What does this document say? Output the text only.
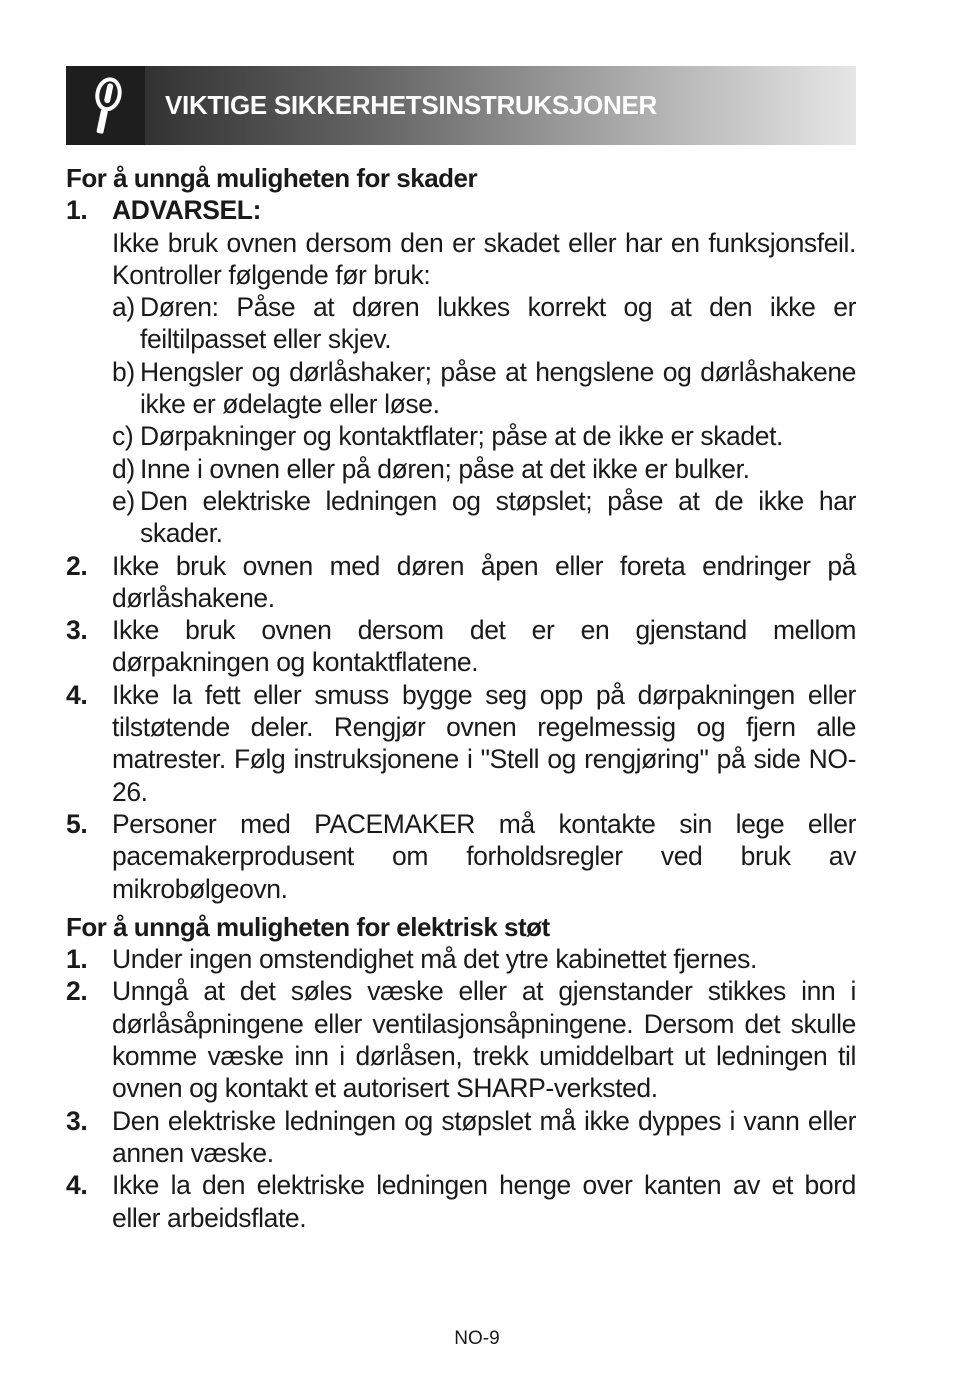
VIKTIGE SIKKERHETSINSTRUKSJONER
For å unngå muligheten for skader
1. ADVARSEL:
Ikke bruk ovnen dersom den er skadet eller har en funksjonsfeil. Kontroller følgende før bruk:
a) Døren: Påse at døren lukkes korrekt og at den ikke er feiltilpasset eller skjev.
b) Hengsler og dørlåshaker; påse at hengslene og dørlåshakene ikke er ødelagte eller løse.
c) Dørpakninger og kontaktflater; påse at de ikke er skadet.
d) Inne i ovnen eller på døren; påse at det ikke er bulker.
e) Den elektriske ledningen og støpslet; påse at de ikke har skader.
2. Ikke bruk ovnen med døren åpen eller foreta endringer på dørlåshakene.
3. Ikke bruk ovnen dersom det er en gjenstand mellom dørpakningen og kontaktflatene.
4. Ikke la fett eller smuss bygge seg opp på dørpakningen eller tilstøtende deler. Rengjør ovnen regelmessig og fjern alle matrester. Følg instruksjonene i "Stell og rengjøring" på side NO-26.
5. Personer med PACEMAKER må kontakte sin lege eller pacemakerprodusent om forholdsregler ved bruk av mikrobølgeovn.
For å unngå muligheten for elektrisk støt
1. Under ingen omstendighet må det ytre kabinettet fjernes.
2. Unngå at det søles væske eller at gjenstander stikkes inn i dørlåsåpningene eller ventilasjonsåpningene. Dersom det skulle komme væske inn i dørlåsen, trekk umiddelbart ut ledningen til ovnen og kontakt et autorisert SHARP-verksted.
3. Den elektriske ledningen og støpslet må ikke dyppes i vann eller annen væske.
4. Ikke la den elektriske ledningen henge over kanten av et bord eller arbeidsflate.
NO-9
